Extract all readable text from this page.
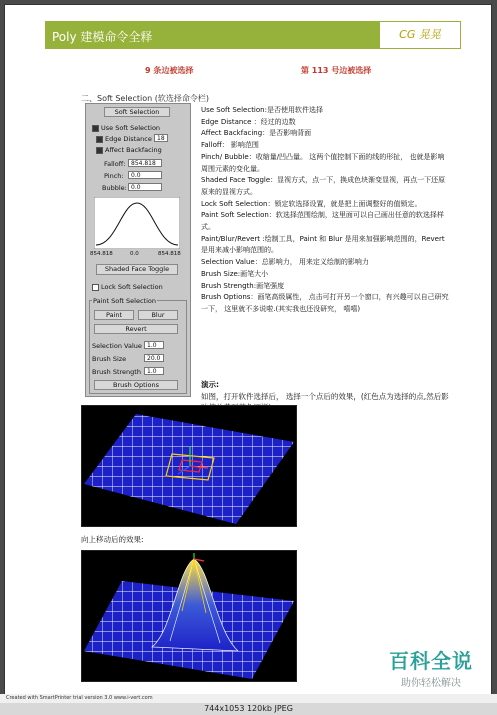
Poly 建模命令全释	CG 晃晃
9 条边被选择	第 113 号边被选择
二、Soft Selection (软选择命令栏)
Soft Selection
Use Soft Selection
Edge Distance 18
Affect Backfacing
Falloff: 854.818
Pinch:	0.0
Bubble: 0.0
854.818	0.0	854.818
Shaded Face Toggle
Lock Soft Selection
Paint Soft Selection
Paint	Blur
Revert
Selection Value 1.0
Brush Size	20.0
Brush Strength	1.0
Brush Options

Use Soft Selection:是否使用软件选择

Edge Distance ：经过的边数

Affect Backfacing：是否影响背面

Falloff： 影响范围

Pinch/ Bubble：收缩量/凹凸量。 这两个值控制下面的线的形扯， 也就是影响周围元素的变化量。

Shaded Face Toggle：显视方式，点一下，换成色块渐变显视，再点一下还原原来的显视方式。

Lock Soft Selection：锁定软选择设置，就是把上面调整好的值锁定。

Paint Soft Selection：软选择范围绘制，这里面可以自己画出任意的软选择样式。

Paint/Blur/Revert :绘制工具，Paint 和 Blur 是用来加强影响范围的，Revert 是用来减小影响范围的。

Selection Value：总影响力， 用来定义绘制的影响力

Brush Size:画笔大小

Brush Strength:画笔强度

Brush Options：画笔高级属性， 点击可打开另一个窗口，有兴趣可以自己研究一下， 这里就不多说啦.(其实我也还没研究， 嘻嘻)

演示:
如图，打开软件选择后， 选择一个点后的效果，(红色点为选择的点,然后影
向上移动后的效果:
百科全说
助你轻松解决
Created with SmartPrinter trial version 3.0 www.i-vert.com
744x1053 120kb JPEG
